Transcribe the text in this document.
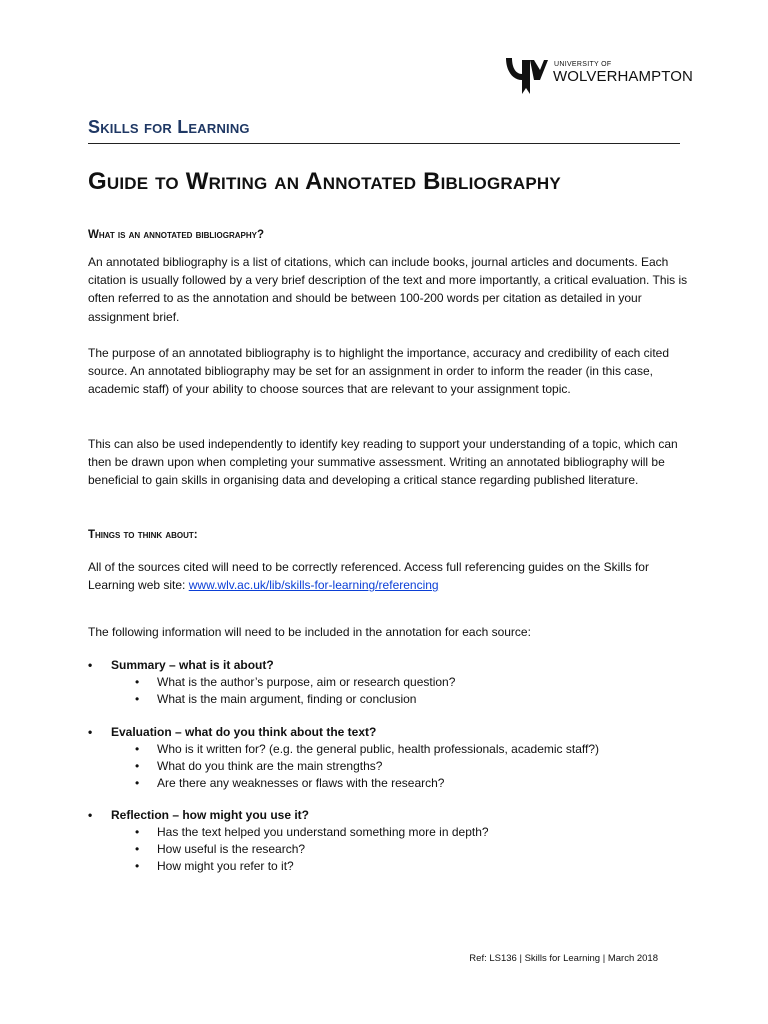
UNIVERSITY OF
WOLVERHAMPTON
Skills for Learning
Guide to Writing an Annotated Bibliography
What is an annotated bibliography?
An annotated bibliography is a list of citations, which can include books, journal articles and documents. Each citation is usually followed by a very brief description of the text and more importantly, a critical evaluation. This is often referred to as the annotation and should be between 100-200 words per citation as detailed in your assignment brief.
The purpose of an annotated bibliography is to highlight the importance, accuracy and credibility of each cited source. An annotated bibliography may be set for an assignment in order to inform the reader (in this case, academic staff) of your ability to choose sources that are relevant to your assignment topic.
This can also be used independently to identify key reading to support your understanding of a topic, which can then be drawn upon when completing your summative assessment. Writing an annotated bibliography will be beneficial to gain skills in organising data and developing a critical stance regarding published literature.
Things to think about:
All of the sources cited will need to be correctly referenced. Access full referencing guides on the Skills for Learning web site: www.wlv.ac.uk/lib/skills-for-learning/referencing
The following information will need to be included in the annotation for each source:
• Summary – what is it about?
• What is the author’s purpose, aim or research question?
• What is the main argument, finding or conclusion
• Evaluation – what do you think about the text?
• Who is it written for? (e.g. the general public, health professionals, academic staff?)
• What do you think are the main strengths?
• Are there any weaknesses or flaws with the research?
• Reflection – how might you use it?
• Has the text helped you understand something more in depth?
• How useful is the research?
• How might you refer to it?
Ref: LS136 | Skills for Learning | March 2018
